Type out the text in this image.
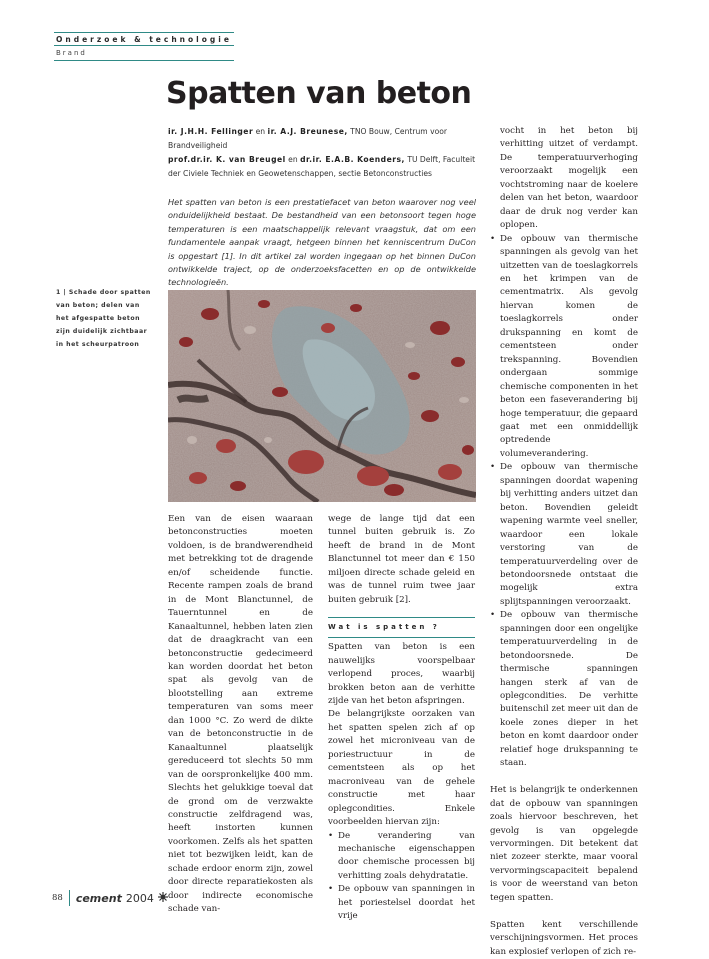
Onderzoek & technologie
Brand
Spatten van beton
ir. J.H.H. Fellinger en ir. A.J. Breunese, TNO Bouw, Centrum voor Brandveiligheid
prof.dr.ir. K. van Breugel en dr.ir. E.A.B. Koenders, TU Delft, Faculteit der Civiele Techniek en Geowetenschappen, sectie Betonconstructies
Het spatten van beton is een prestatiefacet van beton waarover nog veel onduidelijkheid bestaat. De bestandheid van een betonsoort tegen hoge temperaturen is een maatschappelijk relevant vraagstuk, dat om een fundamentele aanpak vraagt, hetgeen binnen het kenniscentrum DuCon is opgestart [1]. In dit artikel zal worden ingegaan op het binnen DuCon ontwikkelde traject, op de onderzoeksfacetten en op de ontwikkelde technologieën.
1 | Schade door spatten van beton; delen van het afgespatte beton zijn duidelijk zichtbaar in het scheurpatroon

Een van de eisen waaraan betonconstructies moeten voldoen, is de brandwerendheid met betrekking tot de dragende en/of scheidende functie. Recente rampen zoals de brand in de Mont Blanctunnel, de Tauerntunnel en de Kanaaltunnel, hebben laten zien dat de draagkracht van een betonconstructie gedecimeerd kan worden doordat het beton spat als gevolg van de blootstelling aan extreme temperaturen van soms meer dan 1000 °C. Zo werd de dikte van de betonconstructie in de Kanaaltunnel plaatselijk gereduceerd tot slechts 50 mm van de oorspronkelijke 400 mm. Slechts het gelukkige toeval dat de grond om de verzwakte constructie zelfdragend was, heeft instorten kunnen voorkomen. Zelfs als het spatten niet tot bezwijken leidt, kan de schade erdoor enorm zijn, zowel door directe reparatiekosten als door indirecte economische schade van-

wege de lange tijd dat een tunnel buiten gebruik is. Zo heeft de brand in de Mont Blanctunnel tot meer dan € 150 miljoen directe schade geleid en was de tunnel ruim twee jaar buiten gebruik [2].

Wat is spatten ?

Spatten van beton is een nauwelijks voorspelbaar verlopend proces, waarbij brokken beton aan de verhitte zijde van het beton afspringen.

De belangrijkste oorzaken van het spatten spelen zich af op zowel het microniveau van de poriestructuur in de cementsteen als op het macroniveau van de gehele constructie met haar oplegcondities. Enkele voorbeelden hiervan zijn:

• De verandering van mechanische eigenschappen door chemische processen bij verhitting zoals dehydratatie.
• De opbouw van spanningen in het poriestelsel doordat het vrije

vocht in het beton bij verhitting uitzet of verdampt. De temperatuurverhoging veroorzaakt mogelijk een vochtstroming naar de koelere delen van het beton, waardoor daar de druk nog verder kan oplopen.

• De opbouw van thermische spanningen als gevolg van het uitzetten van de toeslagkorrels en het krimpen van de cementmatrix. Als gevolg hiervan komen de toeslagkorrels onder drukspanning en komt de cementsteen onder trekspanning. Bovendien ondergaan sommige chemische componenten in het beton een faseverandering bij hoge temperatuur, die gepaard gaat met een onmiddellijk optredende volumeverandering.
• De opbouw van thermische spanningen doordat wapening bij verhitting anders uitzet dan beton. Bovendien geleidt wapening warmte veel sneller, waardoor een lokale verstoring van de temperatuurverdeling over de betondoorsnede ontstaat die mogelijk extra splijtspanningen veroorzaakt.
• De opbouw van thermische spanningen door een ongelijke temperatuurverdeling in de betondoorsnede. De thermische spanningen hangen sterk af van de oplegcondities. De verhitte buitenschil zet meer uit dan de koele zones dieper in het beton en komt daardoor onder relatief hoge drukspanning te staan.

Het is belangrijk te onderkennen dat de opbouw van spanningen zoals hiervoor beschreven, het gevolg is van opgelegde vervormingen. Dit betekent dat niet zozeer sterkte, maar vooral vervormingscapaciteit bepalend is voor de weerstand van beton tegen spatten.

Spatten kent verschillende verschijningsvormen. Het proces kan explosief verlopen of zich re-

88 cement 2004
